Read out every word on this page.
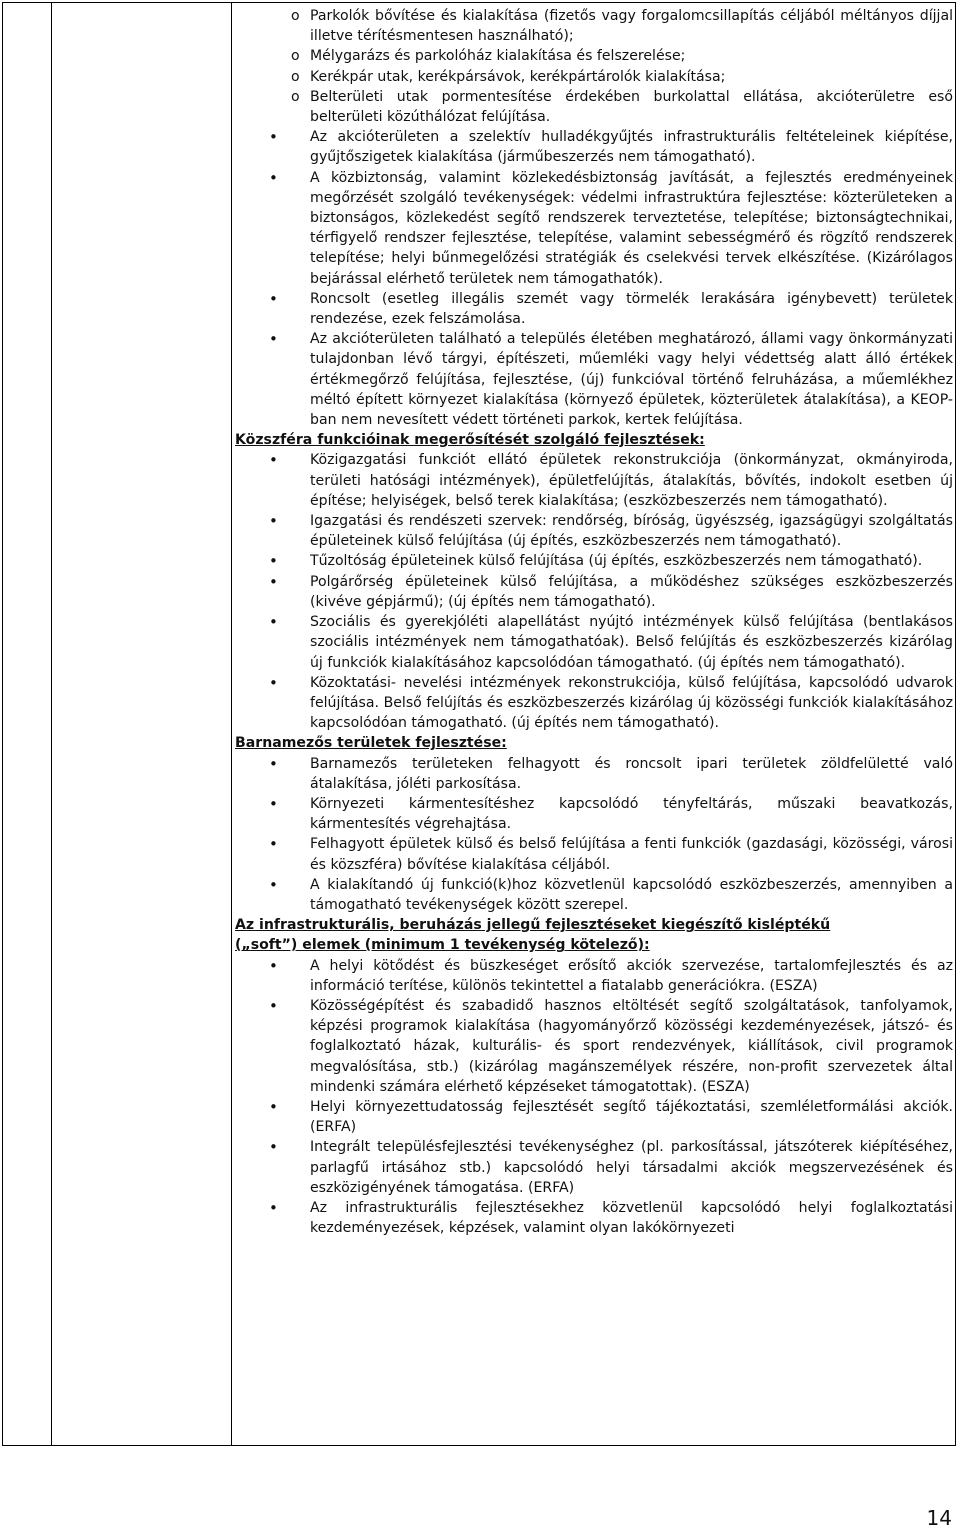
o Parkolók bővítése és kialakítása (fizetős vagy forgalomcsillapítás céljából méltányos díjjal illetve térítésmentesen használható);
o Mélygarázs és parkolóház kialakítása és felszerelése;
o Kerékpár utak, kerékpársávok, kerékpártárolók kialakítása;
o Belterületi utak pormentesítése érdekében burkolattal ellátása, akcióterületre eső belterületi közúthálózat felújítása.
• Az akcióterületen a szelektív hulladékgyűjtés infrastrukturális feltételeinek kiépítése, gyűjtőszigetek kialakítása (járműbeszerzés nem támogatható).
• A közbiztonság, valamint közlekedésbiztonság javítását, a fejlesztés eredményeinek megőrzését szolgáló tevékenységek: védelmi infrastruktúra fejlesztése: közterületeken a biztonságos, közlekedést segítő rendszerek terveztetése, telepítése; biztonságtechnikai, térfigyelő rendszer fejlesztése, telepítése, valamint sebességmérő és rögzítő rendszerek telepítése; helyi bűnmegelőzési stratégiák és cselekvési tervek elkészítése. (Kizárólagos bejárással elérhető területek nem támogathatók).
• Roncsolt (esetleg illegális szemét vagy törmelék lerakására igénybevett) területek rendezése, ezek felszámolása.
• Az akcióterületen található a település életében meghatározó, állami vagy önkormányzati tulajdonban lévő tárgyi, építészeti, műemléki vagy helyi védettség alatt álló értékek értékmegőrző felújítása, fejlesztése, (új) funkcióval történő felruházása, a műemlékhez méltó épített környezet kialakítása (környező épületek, közterületek átalakítása), a KEOP-ban nem nevesített védett történeti parkok, kertek felújítása.
Közszféra funkcióinak megerősítését szolgáló fejlesztések:
• Közigazgatási funkciót ellátó épületek rekonstrukciója (önkormányzat, okmányiroda, területi hatósági intézmények), épületfelújítás, átalakítás, bővítés, indokolt esetben új építése; helyiségek, belső terek kialakítása; (eszközbeszerzés nem támogatható).
• Igazgatási és rendészeti szervek: rendőrség, bíróság, ügyészség, igazságügyi szolgáltatás épületeinek külső felújítása (új építés, eszközbeszerzés nem támogatható).
• Tűzoltóság épületeinek külső felújítása (új építés, eszközbeszerzés nem támogatható).
• Polgárőrség épületeinek külső felújítása, a működéshez szükséges eszközbeszerzés (kivéve gépjármű); (új építés nem támogatható).
• Szociális és gyerekjóléti alapellátást nyújtó intézmények külső felújítása (bentlakásos szociális intézmények nem támogathatóak). Belső felújítás és eszközbeszerzés kizárólag új funkciók kialakításához kapcsolódóan támogatható. (új építés nem támogatható).
• Közoktatási- nevelési intézmények rekonstrukciója, külső felújítása, kapcsolódó udvarok felújítása. Belső felújítás és eszközbeszerzés kizárólag új közösségi funkciók kialakításához kapcsolódóan támogatható. (új építés nem támogatható).
Barnamezős területek fejlesztése:
• Barnamezős területeken felhagyott és roncsolt ipari területek zöldfelületté való átalakítása, jóléti parkosítása.
• Környezeti kármentesítéshez kapcsolódó tényfeltárás, műszaki beavatkozás, kármentesítés végrehajtása.
• Felhagyott épületek külső és belső felújítása a fenti funkciók (gazdasági, közösségi, városi és közszféra) bővítése kialakítása céljából.
• A kialakítandó új funkció(k)hoz közvetlenül kapcsolódó eszközbeszerzés, amennyiben a támogatható tevékenységek között szerepel.
Az infrastrukturális, beruházás jellegű fejlesztéseket kiegészítő kisléptékű
(„soft”) elemek (minimum 1 tevékenység kötelező):
• A helyi kötődést és büszkeséget erősítő akciók szervezése, tartalomfejlesztés és az információ terítése, különös tekintettel a fiatalabb generációkra. (ESZA)
• Közösségépítést és szabadidő hasznos eltöltését segítő szolgáltatások, tanfolyamok, képzési programok kialakítása (hagyományőrző közösségi kezdeményezések, játszó- és foglalkoztató házak, kulturális- és sport rendezvények, kiállítások, civil programok megvalósítása, stb.) (kizárólag magánszemélyek részére, non-profit szervezetek által mindenki számára elérhető képzéseket támogatottak). (ESZA)
• Helyi környezettudatosság fejlesztését segítő tájékoztatási, szemléletformálási akciók. (ERFA)
• Integrált településfejlesztési tevékenységhez (pl. parkosítással, játszóterek kiépítéséhez, parlagfű irtásához stb.) kapcsolódó helyi társadalmi akciók megszervezésének és eszközigényének támogatása. (ERFA)
• Az infrastrukturális fejlesztésekhez közvetlenül kapcsolódó helyi foglalkoztatási kezdeményezések, képzések, valamint olyan lakókörnyezeti
14
